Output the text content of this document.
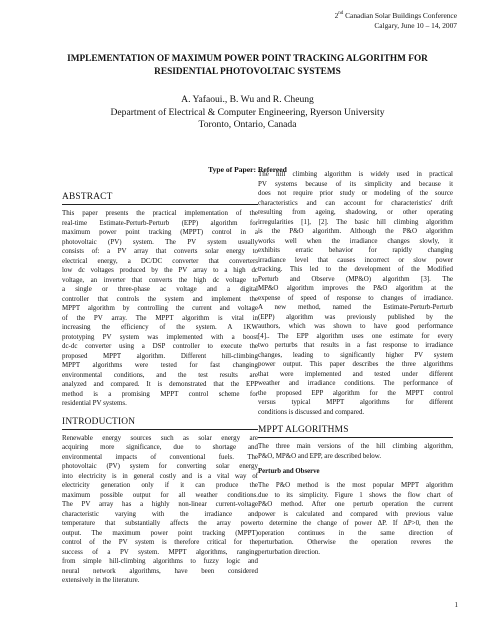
2nd Canadian Solar Buildings Conference
Calgary, June 10 – 14, 2007
IMPLEMENTATION OF MAXIMUM POWER POINT TRACKING ALGORITHM FOR
RESIDENTIAL PHOTOVOLTAIC SYSTEMS
A. Yafaoui., B. Wu and R. Cheung
Department of Electrical & Computer Engineering, Ryerson University
Toronto, Ontario, Canada
Type of Paper: Refereed
ABSTRACT
This paper presents the practical implementation of the
real-time Estimate-Perturb-Perturb (EPP) algorithm for
maximum power point tracking (MPPT) control in a
photovoltaic (PV) system. The PV system usually
consists of: a PV array that converts solar energy to
electrical energy, a DC/DC converter that converters
low dc voltages produced by the PV array to a high dc
voltage, an inverter that converts the high dc voltage to
a single or three-phase ac voltage and a digital
controller that controls the system and implement the
MPPT algorithm by controlling the current and voltage
of the PV array. The MPPT algorithm is vital in
increasing the efficiency of the system. A 1KW
prototyping PV system was implemented with a boost
dc-dc converter using a DSP controller to execute the
proposed MPPT algorithm. Different hill-climbing
MPPT algorithms were tested for fast changing
environmental conditions, and the test results are
analyzed and compared. It is demonstrated that the EPP
method is a promising MPPT control scheme for
residential PV systems.
INTRODUCTION
Renewable energy sources such as solar energy are
acquiring more significance, due to shortage and
environmental impacts of conventional fuels. The
photovoltaic (PV) system for converting solar energy
into electricity is in general costly and is a vital way of
electricity generation only if it can produce the
maximum possible output for all weather conditions.
The PV array has a highly non-linear current-voltage
characteristic varying with the irradiance and
temperature that substantially affects the array power
output. The maximum power point tracking (MPPT)
control of the PV system is therefore critical for the
success of a PV system. MPPT algorithms, ranging
from simple hill-climbing algorithms to fuzzy logic and
neural network algorithms, have been considered
extensively in the literature.
The hill climbing algorithm is widely used in practical
PV systems because of its simplicity and because it
does not require prior study or modeling of the source
characteristics and can account for characteristics' drift
resulting from ageing, shadowing, or other operating
irregularities [1], [2]. The basic hill climbing algorithm
is the P&O algorithm. Although the P&O algorithm
works well when the irradiance changes slowly, it
exhibits erratic behavior for rapidly changing
irradiance level that causes incorrect or slow power
tracking. This led to the development of the Modified
Perturb and Observe (MP&O) algorithm [3]. The
MP&O algorithm improves the P&O algorithm at the
expense of speed of response to changes of irradiance.
A new method, named the Estimate-Perturb-Perturb
(EPP) algorithm was previously published by the
authors, which was shown to have good performance
[4].. The EPP algorithm uses one estimate for every
two perturbs that results in a fast response to irradiance
changes, leading to significantly higher PV system
power output. This paper describes the three algorithms
that were implemented and tested under different
weather and irradiance conditions. The performance of
the proposed EPP algorithm for the MPPT control
versus typical MPPT algorithms for different
conditions is discussed and compared.
MPPT ALGORITHMS
The three main versions of the hill climbing algorithm,
P&O, MP&O and EPP, are described below.
Perturb and Observe
The P&O method is the most popular MPPT algorithm
due to its simplicity. Figure 1 shows the flow chart of
P&O method. After one perturb operation the current
power is calculated and compared with previous value
to determine the change of power ΔP. If ΔP>0, then the
operation continues in the same direction of
perturbation. Otherwise the operation reveres the
perturbation direction.
1
